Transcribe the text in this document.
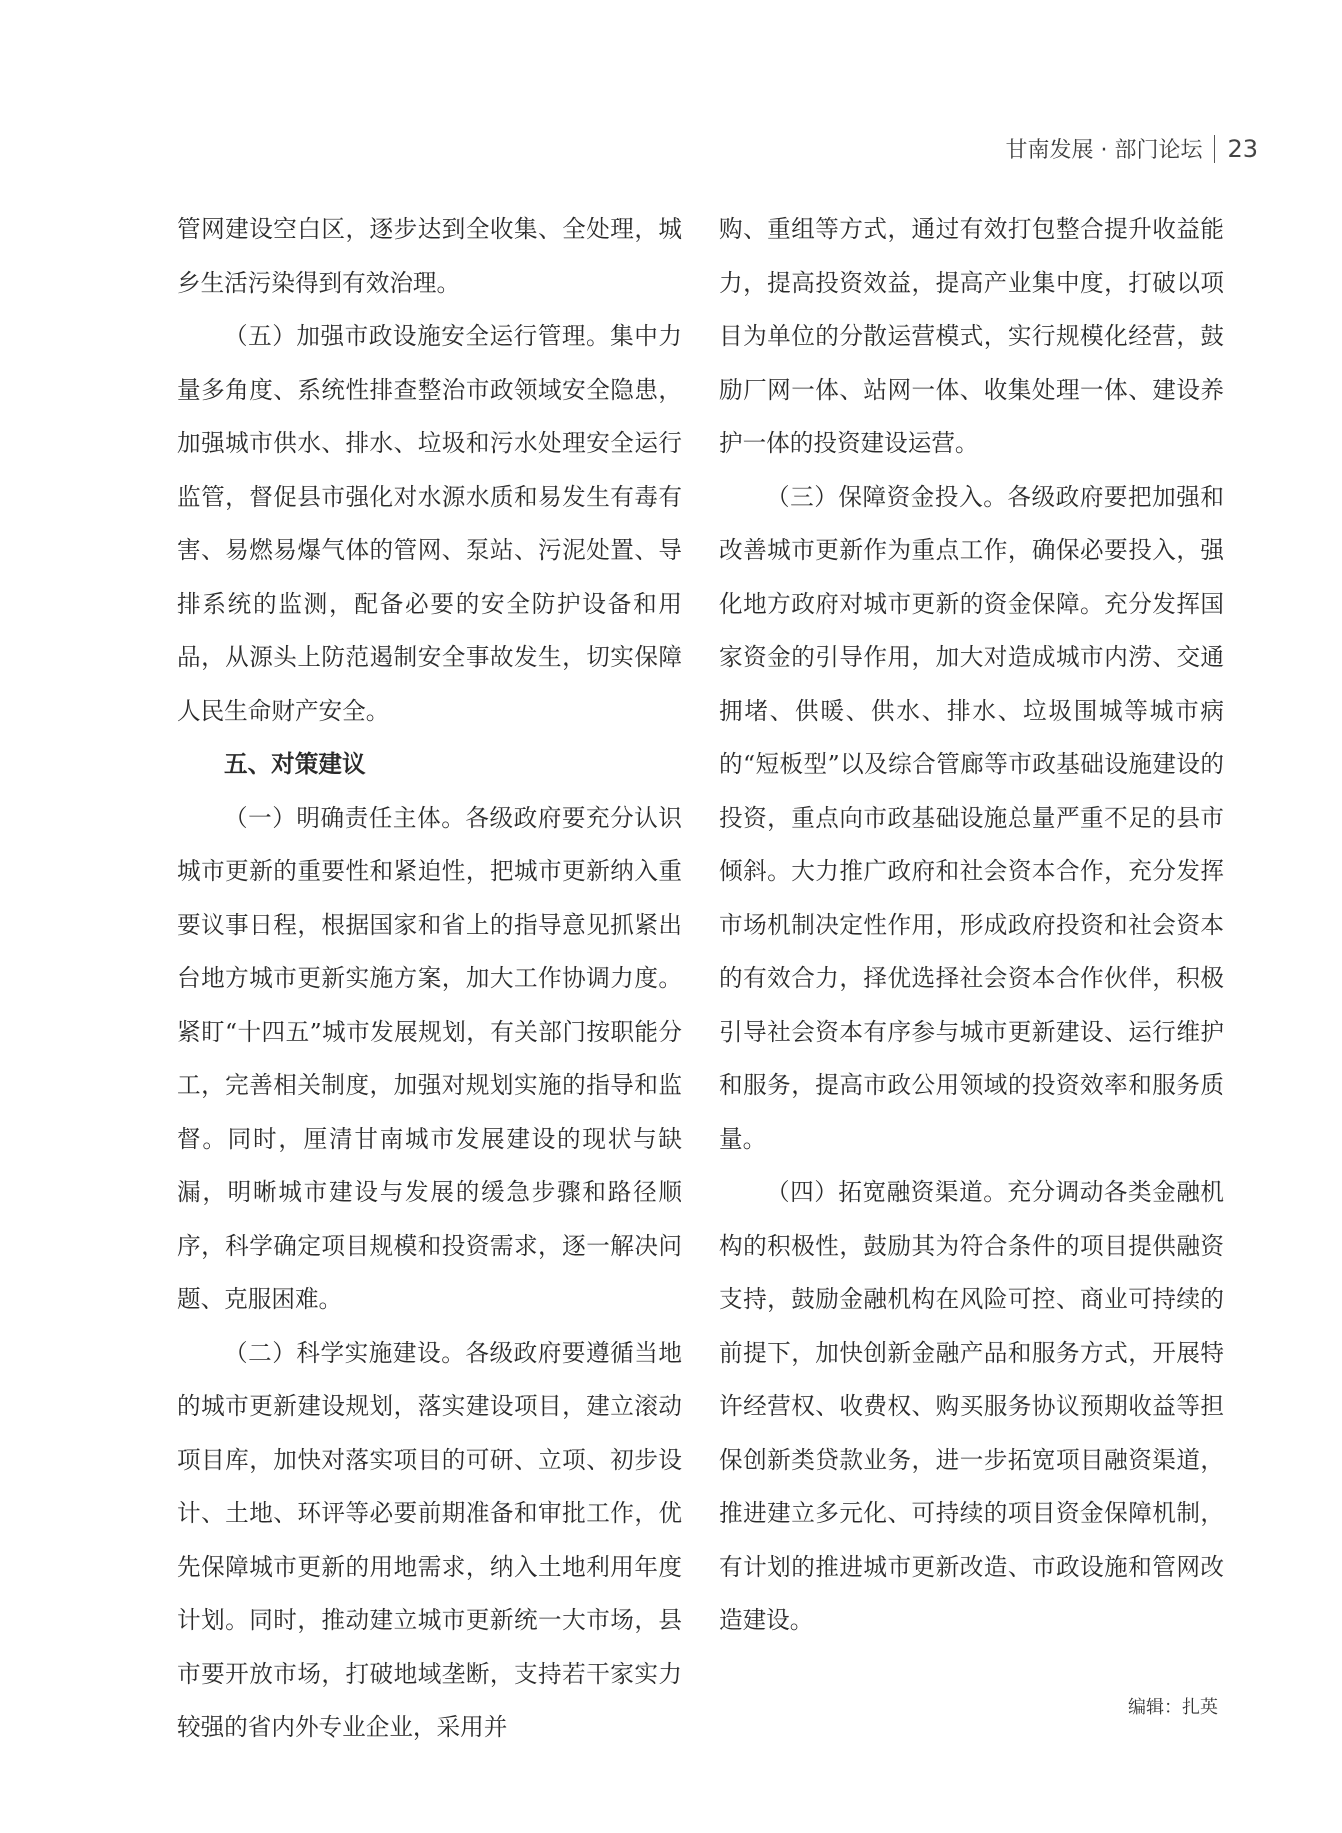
甘南发展 · 部门论坛 23

管网建设空白区，逐步达到全收集、全处理，城乡生活污染得到有效治理。

（五）加强市政设施安全运行管理。集中力量多角度、系统性排查整治市政领域安全隐患，加强城市供水、排水、垃圾和污水处理安全运行监管，督促县市强化对水源水质和易发生有毒有害、易燃易爆气体的管网、泵站、污泥处置、导排系统的监测，配备必要的安全防护设备和用品，从源头上防范遏制安全事故发生，切实保障人民生命财产安全。

五、对策建议

（一）明确责任主体。各级政府要充分认识城市更新的重要性和紧迫性，把城市更新纳入重要议事日程，根据国家和省上的指导意见抓紧出台地方城市更新实施方案，加大工作协调力度。紧盯“十四五”城市发展规划，有关部门按职能分工，完善相关制度，加强对规划实施的指导和监督。同时，厘清甘南城市发展建设的现状与缺漏，明晰城市建设与发展的缓急步骤和路径顺序，科学确定项目规模和投资需求，逐一解决问题、克服困难。

（二）科学实施建设。各级政府要遵循当地的城市更新建设规划，落实建设项目，建立滚动项目库，加快对落实项目的可研、立项、初步设计、土地、环评等必要前期准备和审批工作，优先保障城市更新的用地需求，纳入土地利用年度计划。同时，推动建立城市更新统一大市场，县市要开放市场，打破地域垄断，支持若干家实力较强的省内外专业企业，采用并

购、重组等方式，通过有效打包整合提升收益能力，提高投资效益，提高产业集中度，打破以项目为单位的分散运营模式，实行规模化经营，鼓励厂网一体、站网一体、收集处理一体、建设养护一体的投资建设运营。

（三）保障资金投入。各级政府要把加强和改善城市更新作为重点工作，确保必要投入，强化地方政府对城市更新的资金保障。充分发挥国家资金的引导作用，加大对造成城市内涝、交通拥堵、供暖、供水、排水、垃圾围城等城市病的“短板型”以及综合管廊等市政基础设施建设的投资，重点向市政基础设施总量严重不足的县市倾斜。大力推广政府和社会资本合作，充分发挥市场机制决定性作用，形成政府投资和社会资本的有效合力，择优选择社会资本合作伙伴，积极引导社会资本有序参与城市更新建设、运行维护和服务，提高市政公用领域的投资效率和服务质量。

（四）拓宽融资渠道。充分调动各类金融机构的积极性，鼓励其为符合条件的项目提供融资支持，鼓励金融机构在风险可控、商业可持续的前提下，加快创新金融产品和服务方式，开展特许经营权、收费权、购买服务协议预期收益等担保创新类贷款业务，进一步拓宽项目融资渠道，推进建立多元化、可持续的项目资金保障机制，有计划的推进城市更新改造、市政设施和管网改造建设。

编辑：扎英
